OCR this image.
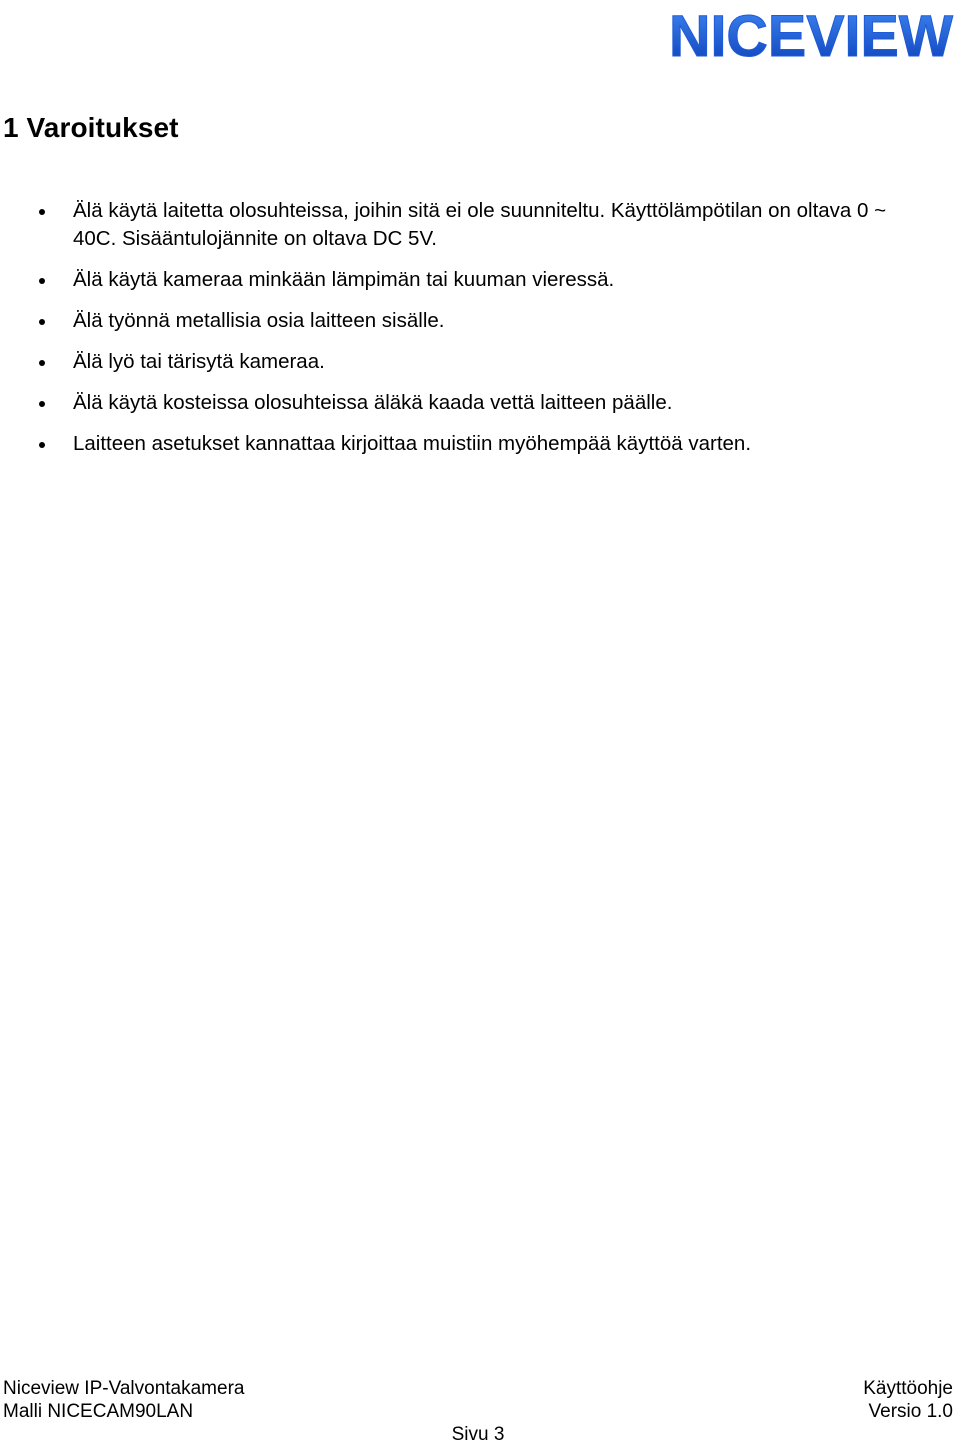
NICEVIEW
1 Varoitukset
Älä käytä laitetta olosuhteissa, joihin sitä ei ole suunniteltu. Käyttölämpötilan on oltava 0 ~ 40C. Sisääntulojännite on oltava DC 5V.
Älä käytä kameraa minkään lämpimän tai kuuman vieressä.
Älä työnnä metallisia osia laitteen sisälle.
Älä lyö tai tärisytä kameraa.
Älä käytä kosteissa olosuhteissa äläkä kaada vettä laitteen päälle.
Laitteen asetukset kannattaa kirjoittaa muistiin myöhempää käyttöä varten.
Niceview IP-Valvontakamera
Malli NICECAM90LAN
Käyttöohje
Versio 1.0
Sivu 3
